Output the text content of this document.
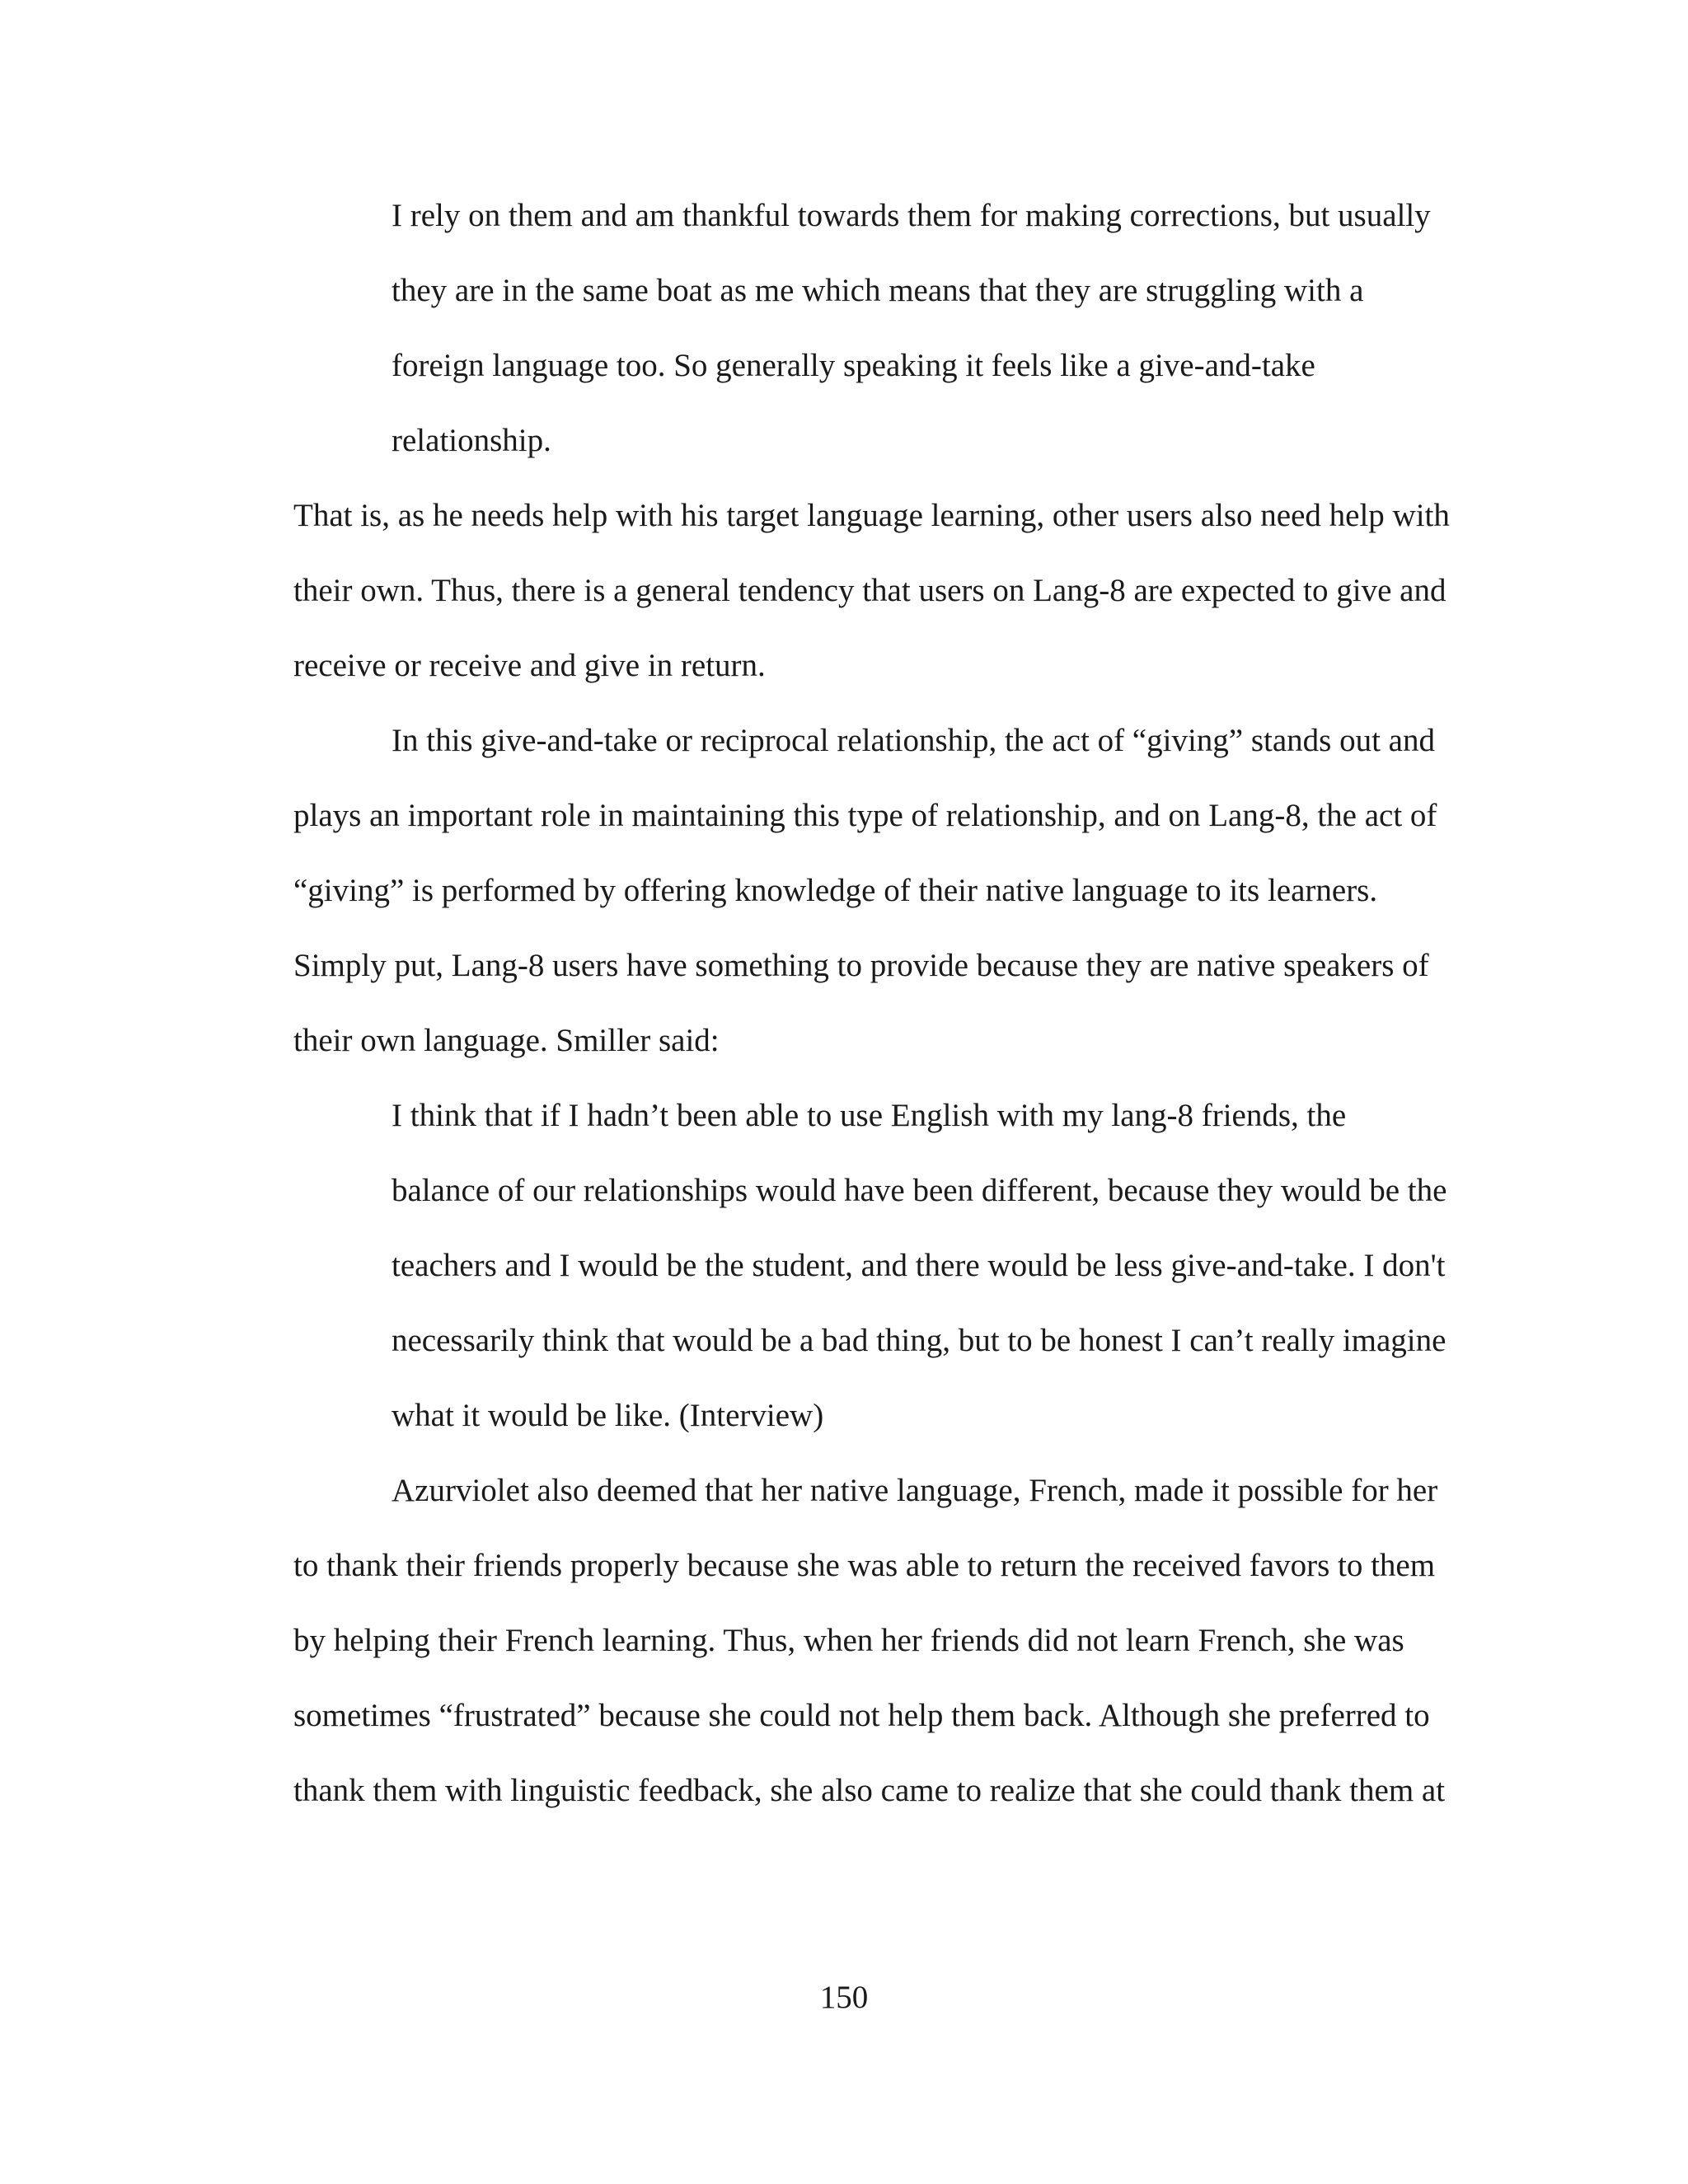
I rely on them and am thankful towards them for making corrections, but usually
they are in the same boat as me which means that they are struggling with a
foreign language too. So generally speaking it feels like a give-and-take
relationship.
That is, as he needs help with his target language learning, other users also need help with
their own. Thus, there is a general tendency that users on Lang-8 are expected to give and
receive or receive and give in return.
In this give-and-take or reciprocal relationship, the act of “giving” stands out and
plays an important role in maintaining this type of relationship, and on Lang-8, the act of
“giving” is performed by offering knowledge of their native language to its learners.
Simply put, Lang-8 users have something to provide because they are native speakers of
their own language. Smiller said:
I think that if I hadn’t been able to use English with my lang-8 friends, the
balance of our relationships would have been different, because they would be the
teachers and I would be the student, and there would be less give-and-take. I don't
necessarily think that would be a bad thing, but to be honest I can’t really imagine
what it would be like. (Interview)
Azurviolet also deemed that her native language, French, made it possible for her
to thank their friends properly because she was able to return the received favors to them
by helping their French learning. Thus, when her friends did not learn French, she was
sometimes “frustrated” because she could not help them back. Although she preferred to
thank them with linguistic feedback, she also came to realize that she could thank them at
150
